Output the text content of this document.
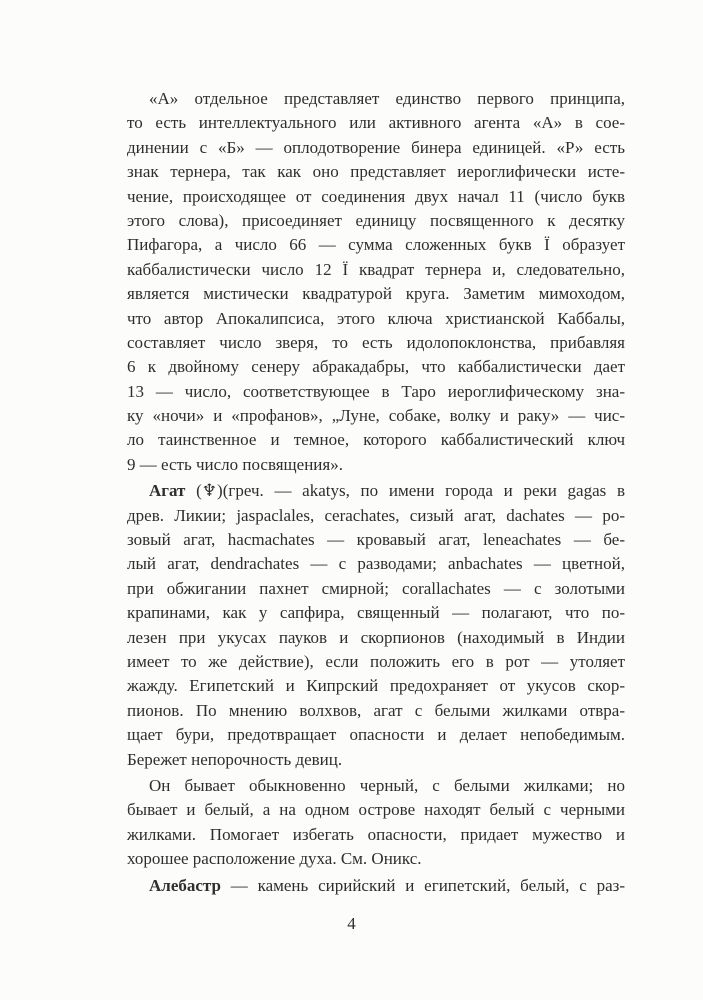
«А» отдельное представляет единство первого принципа,
то есть интеллектуального или активного агента «А» в сое-
динении с «Б» — оплодотворение бинера единицей. «Р» есть
знак тернера, так как оно представляет иероглифически исте-
чение, происходящее от соединения двух начал 11 (число букв
этого слова), присоединяет единицу посвященного к десятку
Пифагора, а число 66 — сумма сложенных букв Ï образует
каббалистически число 12 Ï квадрат тернера и, следовательно,
является мистически квадратурой круга. Заметим мимоходом,
что автор Апокалипсиса, этого ключа христианской Каббалы,
составляет число зверя, то есть идолопоклонства, прибавляя
6 к двойному сенеру абракадабры, что каббалистически дает
13 — число, соответствующее в Таро иероглифическому зна-
ку «ночи» и «профанов», „Луне, собаке, волку и раку» — чис-
ло таинственное и темное, которого каббалистический ключ
9 — есть число посвящения».
Агат (♆)(греч. — akatys, по имени города и реки gagas в
древ. Ликии; jaspaclales, cerachates, сизый агат, dachates — ро-
зовый агат, hacmachates — кровавый агат, leneachates — бе-
лый агат, dendrachates — с разводами; anbachates — цветной,
при обжигании пахнет смирной; corallachates — с золотыми
крапинами, как у сапфира, священный — полагают, что по-
лезен при укусах пауков и скорпионов (находимый в Индии
имеет то же действие), если положить его в рот — утоляет
жажду. Египетский и Кипрский предохраняет от укусов скор-
пионов. По мнению волхвов, агат с белыми жилками отвра-
щает бури, предотвращает опасности и делает непобедимым.
Бережет непорочность девиц.
Он бывает обыкновенно черный, с белыми жилками; но
бывает и белый, а на одном острове находят белый с черными
жилками. Помогает избегать опасности, придает мужество и
хорошее расположение духа. См. Оникс.
Алебастр — камень сирийский и египетский, белый, с раз-
4
